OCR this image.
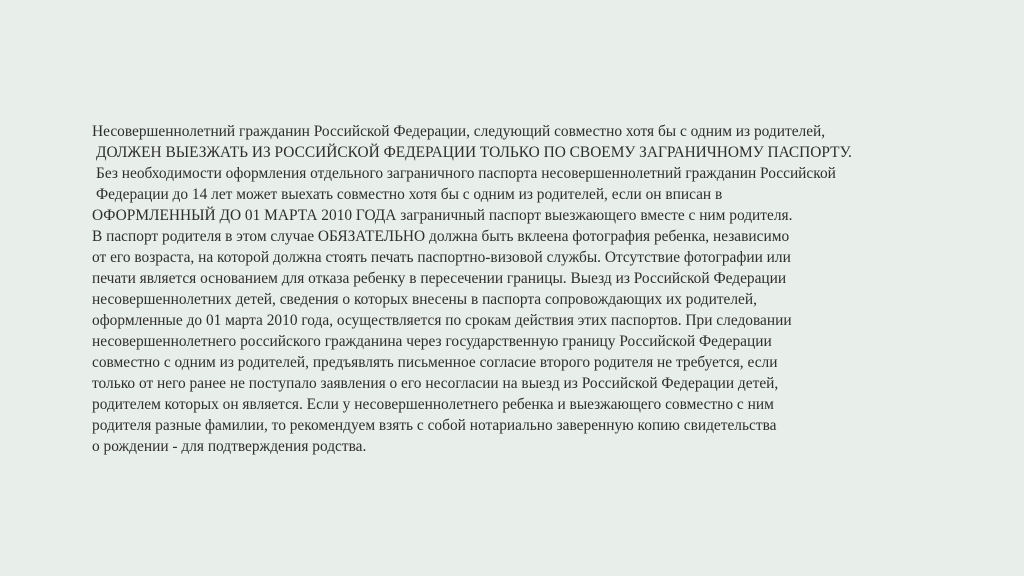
Несовершеннолетний гражданин Российской Федерации, следующий совместно хотя бы с одним из родителей,
ДОЛЖЕН ВЫЕЗЖАТЬ ИЗ РОССИЙСКОЙ ФЕДЕРАЦИИ ТОЛЬКО ПО СВОЕМУ ЗАГРАНИЧНОМУ ПАСПОРТУ.
Без необходимости оформления отдельного заграничного паспорта несовершеннолетний гражданин Российской
Федерации до 14 лет может выехать совместно хотя бы с одним из родителей, если он вписан в
ОФОРМЛЕННЫЙ ДО 01 МАРТА 2010 ГОДА заграничный паспорт выезжающего вместе с ним родителя.
В паспорт родителя в этом случае ОБЯЗАТЕЛЬНО должна быть вклеена фотография ребенка, независимо
от его возраста, на которой должна стоять печать паспортно-визовой службы. Отсутствие фотографии или
печати является основанием для отказа ребенку в пересечении границы. Выезд из Российской Федерации
несовершеннолетних детей, сведения о которых внесены в паспорта сопровождающих их родителей,
оформленные до 01 марта 2010 года, осуществляется по срокам действия этих паспортов. При следовании
несовершеннолетнего российского гражданина через государственную границу Российской Федерации
совместно с одним из родителей, предъявлять письменное согласие второго родителя не требуется, если
только от него ранее не поступало заявления о его несогласии на выезд из Российской Федерации детей,
родителем которых он является. Если у несовершеннолетнего ребенка и выезжающего совместно с ним
родителя разные фамилии, то рекомендуем взять с собой нотариально заверенную копию свидетельства
о рождении - для подтверждения родства.
